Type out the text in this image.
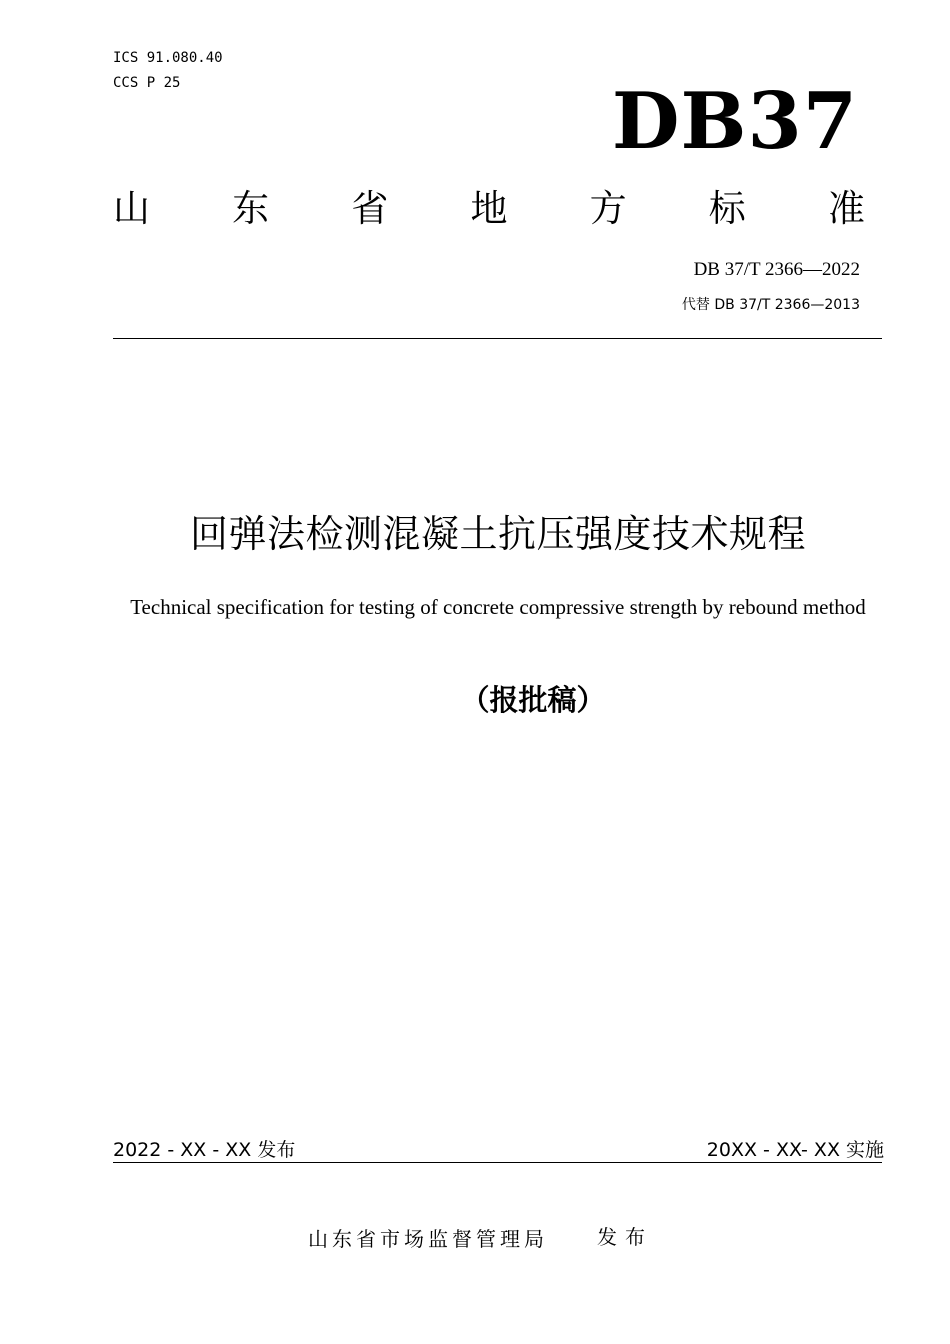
ICS 91.080.40
CCS P 25	DB37
山 东 省 地 方 标 准
DB 37/T 2366—2022
代替 DB 37/T 2366—2013
回弹法检测混凝土抗压强度技术规程
Technical specification for testing of concrete compressive strength by rebound method
（报批稿）
2022 - XX - XX 发布	20XX - XX- XX 实施
山东省市场监督管理局 发布
